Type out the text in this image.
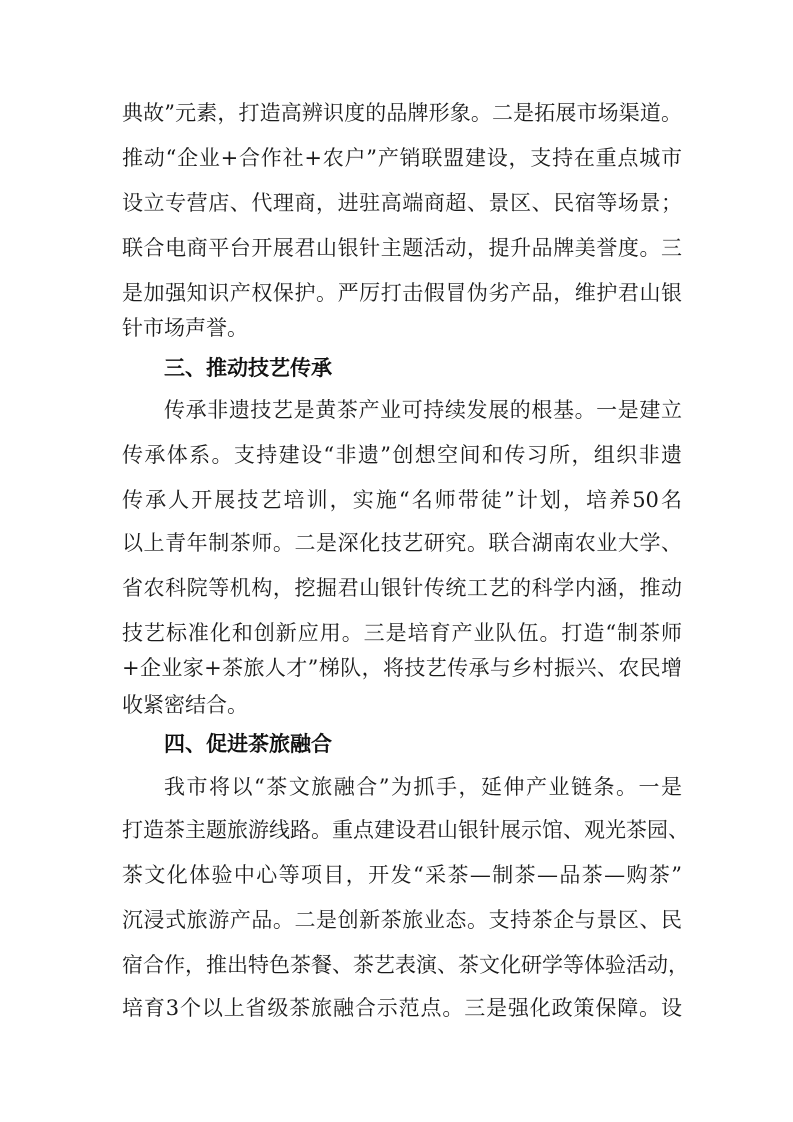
典故”元素，打造高辨识度的品牌形象。二是拓展市场渠道。
推动“企业+合作社+农户”产销联盟建设，支持在重点城市
设立专营店、代理商，进驻高端商超、景区、民宿等场景；
联合电商平台开展君山银针主题活动，提升品牌美誉度。三
是加强知识产权保护。严厉打击假冒伪劣产品，维护君山银
针市场声誉。
三、推动技艺传承
传承非遗技艺是黄茶产业可持续发展的根基。一是建立
传承体系。支持建设“非遗”创想空间和传习所，组织非遗
传承人开展技艺培训，实施“名师带徒”计划，培养50名
以上青年制茶师。二是深化技艺研究。联合湖南农业大学、
省农科院等机构，挖掘君山银针传统工艺的科学内涵，推动
技艺标准化和创新应用。三是培育产业队伍。打造“制茶师
+企业家+茶旅人才”梯队，将技艺传承与乡村振兴、农民增
收紧密结合。
四、促进茶旅融合
我市将以“茶文旅融合”为抓手，延伸产业链条。一是
打造茶主题旅游线路。重点建设君山银针展示馆、观光茶园、
茶文化体验中心等项目，开发“采茶—制茶—品茶—购茶”
沉浸式旅游产品。二是创新茶旅业态。支持茶企与景区、民
宿合作，推出特色茶餐、茶艺表演、茶文化研学等体验活动，
培育3个以上省级茶旅融合示范点。三是强化政策保障。设
